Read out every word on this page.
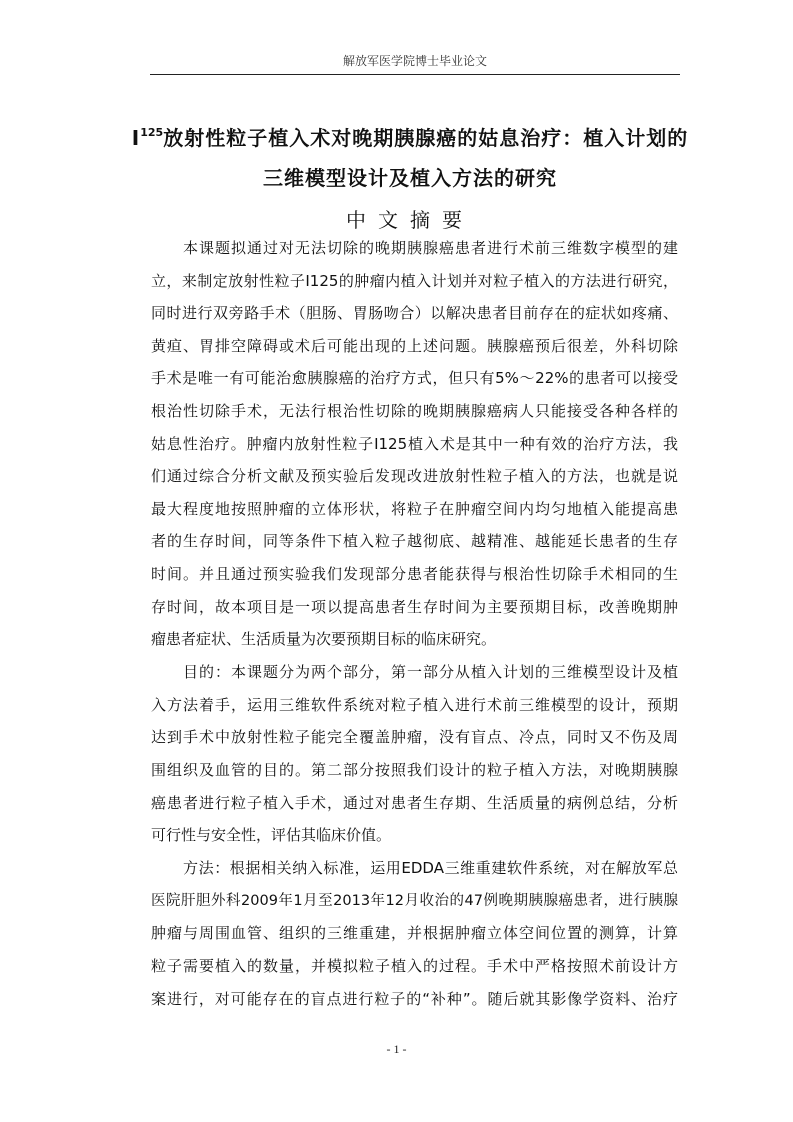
解放军医学院博士毕业论文
$I^{125}$放射性粒子植入术对晚期胰腺癌的姑息治疗：植入计划的
三维模型设计及植入方法的研究
中文摘要
本课题拟通过对无法切除的晚期胰腺癌患者进行术前三维数字模型的建
立，来制定放射性粒子I125的肿瘤内植入计划并对粒子植入的方法进行研究，
同时进行双旁路手术（胆肠、胃肠吻合）以解决患者目前存在的症状如疼痛、
黄疸、胃排空障碍或术后可能出现的上述问题。胰腺癌预后很差，外科切除
手术是唯一有可能治愈胰腺癌的治疗方式，但只有5%～22%的患者可以接受
根治性切除手术，无法行根治性切除的晚期胰腺癌病人只能接受各种各样的
姑息性治疗。肿瘤内放射性粒子I125植入术是其中一种有效的治疗方法，我
们通过综合分析文献及预实验后发现改进放射性粒子植入的方法，也就是说
最大程度地按照肿瘤的立体形状，将粒子在肿瘤空间内均匀地植入能提高患
者的生存时间，同等条件下植入粒子越彻底、越精准、越能延长患者的生存
时间。并且通过预实验我们发现部分患者能获得与根治性切除手术相同的生
存时间，故本项目是一项以提高患者生存时间为主要预期目标，改善晚期肿
瘤患者症状、生活质量为次要预期目标的临床研究。
目的：本课题分为两个部分，第一部分从植入计划的三维模型设计及植
入方法着手，运用三维软件系统对粒子植入进行术前三维模型的设计，预期
达到手术中放射性粒子能完全覆盖肿瘤，没有盲点、冷点，同时又不伤及周
围组织及血管的目的。第二部分按照我们设计的粒子植入方法，对晚期胰腺
癌患者进行粒子植入手术，通过对患者生存期、生活质量的病例总结，分析
可行性与安全性，评估其临床价值。
方法：根据相关纳入标准，运用EDDA三维重建软件系统，对在解放军总
医院肝胆外科2009年1月至2013年12月收治的47例晚期胰腺癌患者，进行胰腺
肿瘤与周围血管、组织的三维重建，并根据肿瘤立体空间位置的测算，计算
粒子需要植入的数量，并模拟粒子植入的过程。手术中严格按照术前设计方
案进行，对可能存在的盲点进行粒子的“补种”。随后就其影像学资料、治疗
- 1 -
